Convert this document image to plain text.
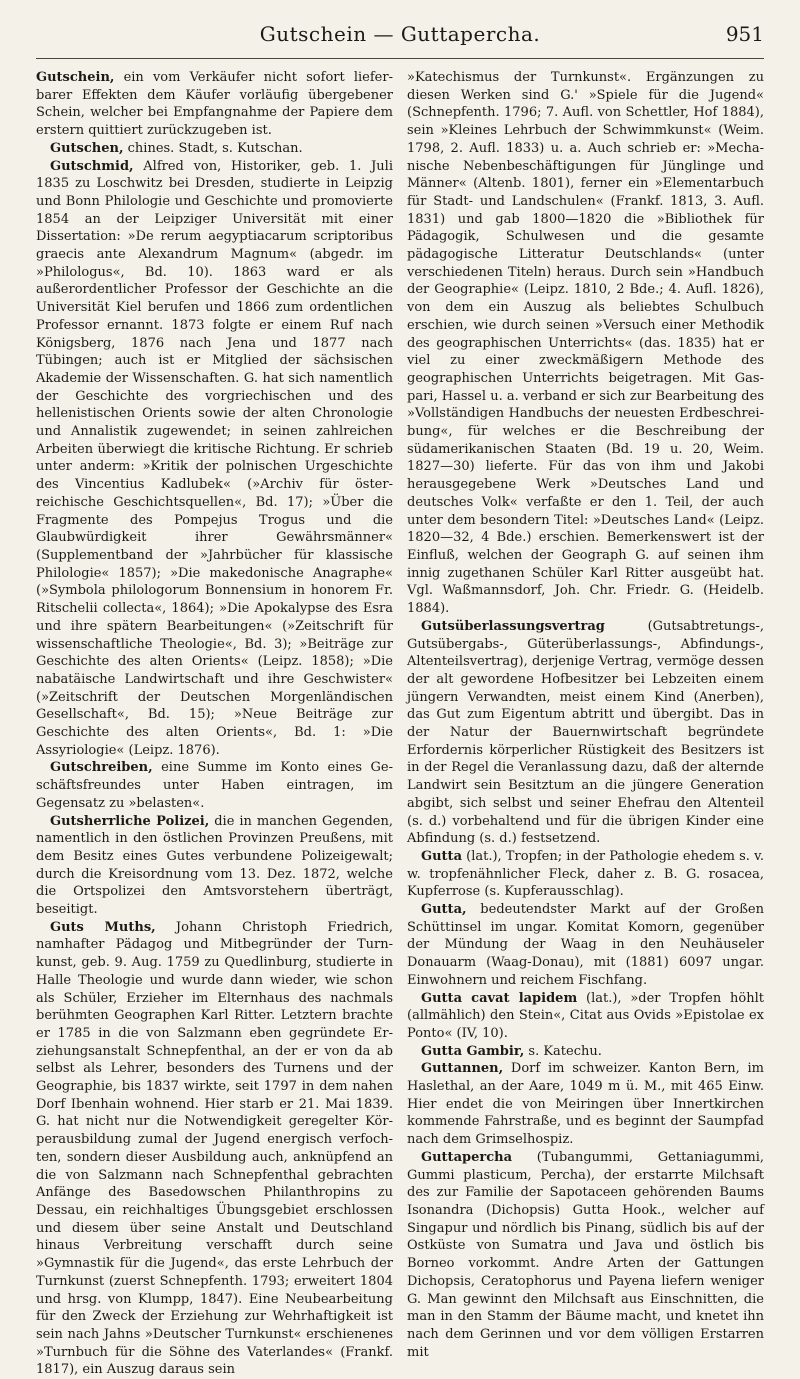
Gutschein — Guttapercha.	951

Gutschein, ein vom Verkäufer nicht sofort lieferbarer Effekten dem Käufer vorläufig übergebener Schein, welcher bei Empfangnahme der Papiere dem erstern quittiert zurückzugeben ist.

Gutschen, chines. Stadt, s. Kutschan.

Gutschmid, Alfred von, Historiker, geb. 1. Juli 1835 zu Loschwitz bei Dresden, studierte in Leipzig und Bonn Philologie und Geschichte und promovierte 1854 an der Leipziger Universität mit einer Dissertation: »De rerum aegyptiacarum scriptoribus graecis ante Alexandrum Magnum« (abgedr. im »Philologus«, Bd. 10). 1863 ward er als außerordentlicher Professor der Geschichte an die Universität Kiel berufen und 1866 zum ordentlichen Professor ernannt. 1873 folgte er einem Ruf nach Königsberg, 1876 nach Jena und 1877 nach Tübingen; auch ist er Mitglied der sächsischen Akademie der Wissenschaften. G. hat sich namentlich der Geschichte des vorgriechischen und des hellenistischen Orients sowie der alten Chronologie und Annalistik zugewendet; in seinen zahlreichen Arbeiten überwiegt die kritische Richtung. Er schrieb unter anderm: »Kritik der polnischen Urgeschichte des Vincentius Kadlubek« (»Archiv für österreichische Geschichtsquellen«, Bd. 17); »Über die Fragmente des Pompejus Trogus und die Glaubwürdigkeit ihrer Gewährsmänner« (Supplementband der »Jahrbücher für klassische Philologie« 1857); »Die makedonische Anagraphe« (»Symbola philologorum Bonnensium in honorem Fr. Ritschelii collecta«, 1864); »Die Apokalypse des Esra und ihre spätern Bearbeitungen« (»Zeitschrift für wissenschaftliche Theologie«, Bd. 3); »Beiträge zur Geschichte des alten Orients« (Leipz. 1858); »Die nabatäische Landwirtschaft und ihre Geschwister« (»Zeitschrift der Deutschen Morgenländischen Gesellschaft«, Bd. 15); »Neue Beiträge zur Geschichte des alten Orients«, Bd. 1: »Die Assyriologie« (Leipz. 1876).

Gutschreiben, eine Summe im Konto eines Geschäftsfreundes unter Haben eintragen, im Gegensatz zu »belasten«.

Gutsherrliche Polizei, die in manchen Gegenden, namentlich in den östlichen Provinzen Preußens, mit dem Besitz eines Gutes verbundene Polizeigewalt; durch die Kreisordnung vom 13. Dez. 1872, welche die Ortspolizei den Amtsvorstehern überträgt, beseitigt.

Guts Muths, Johann Christoph Friedrich, namhafter Pädagog und Mitbegründer der Turnkunst, geb. 9. Aug. 1759 zu Quedlinburg, studierte in Halle Theologie und wurde dann wieder, wie schon als Schüler, Erzieher im Elternhaus des nachmals berühmten Geographen Karl Ritter. Letztern brachte er 1785 in die von Salzmann eben gegründete Erziehungsanstalt Schnepfenthal, an der er von da ab selbst als Lehrer, besonders des Turnens und der Geographie, bis 1837 wirkte, seit 1797 in dem nahen Dorf Ibenhain wohnend. Hier starb er 21. Mai 1839. G. hat nicht nur die Notwendigkeit geregelter Körperausbildung zumal der Jugend energisch verfochten, sondern dieser Ausbildung auch, anknüpfend an die von Salzmann nach Schnepfenthal gebrachten Anfänge des Basedowschen Philanthropins zu Dessau, ein reichhaltiges Übungsgebiet erschlossen und diesem über seine Anstalt und Deutschland hinaus Verbreitung verschafft durch seine »Gymnastik für die Jugend«, das erste Lehrbuch der Turnkunst (zuerst Schnepfenth. 1793; erweitert 1804 und hrsg. von Klumpp, 1847). Eine Neubearbeitung für den Zweck der Erziehung zur Wehrhaftigkeit ist sein nach Jahns »Deutscher Turnkunst« erschienenes »Turnbuch für die Söhne des Vaterlandes« (Frankf. 1817), ein Auszug daraus sein

»Katechismus der Turnkunst«. Ergänzungen zu diesen Werken sind G.' »Spiele für die Jugend« (Schnepfenth. 1796; 7. Aufl. von Schettler, Hof 1884), sein »Kleines Lehrbuch der Schwimmkunst« (Weim. 1798, 2. Aufl. 1833) u. a. Auch schrieb er: »Mechanische Nebenbeschäftigungen für Jünglinge und Männer« (Altenb. 1801), ferner ein »Elementarbuch für Stadt- und Landschulen« (Frankf. 1813, 3. Aufl. 1831) und gab 1800—1820 die »Bibliothek für Pädagogik, Schulwesen und die gesamte pädagogische Litteratur Deutschlands« (unter verschiedenen Titeln) heraus. Durch sein »Handbuch der Geographie« (Leipz. 1810, 2 Bde.; 4. Aufl. 1826), von dem ein Auszug als beliebtes Schulbuch erschien, wie durch seinen »Versuch einer Methodik des geographischen Unterrichts« (das. 1835) hat er viel zu einer zweckmäßigern Methode des geographischen Unterrichts beigetragen. Mit Gaspari, Hassel u. a. verband er sich zur Bearbeitung des »Vollständigen Handbuchs der neuesten Erdbeschreibung«, für welches er die Beschreibung der südamerikanischen Staaten (Bd. 19 u. 20, Weim. 1827—30) lieferte. Für das von ihm und Jakobi herausgegebene Werk »Deutsches Land und deutsches Volk« verfaßte er den 1. Teil, der auch unter dem besondern Titel: »Deutsches Land« (Leipz. 1820—32, 4 Bde.) erschien. Bemerkenswert ist der Einfluß, welchen der Geograph G. auf seinen ihm innig zugethanen Schüler Karl Ritter ausgeübt hat. Vgl. Waßmannsdorf, Joh. Chr. Friedr. G. (Heidelb. 1884).

Gutsüberlassungsvertrag (Gutsabtretungs-, Gutsübergabs-, Güterüberlassungs-, Abfindungs-, Altenteilsvertrag), derjenige Vertrag, vermöge dessen der alt gewordene Hofbesitzer bei Lebzeiten einem jüngern Verwandten, meist einem Kind (Anerben), das Gut zum Eigentum abtritt und übergibt. Das in der Natur der Bauernwirtschaft begründete Erfordernis körperlicher Rüstigkeit des Besitzers ist in der Regel die Veranlassung dazu, daß der alternde Landwirt sein Besitztum an die jüngere Generation abgibt, sich selbst und seiner Ehefrau den Altenteil (s. d.) vorbehaltend und für die übrigen Kinder eine Abfindung (s. d.) festsetzend.

Gutta (lat.), Tropfen; in der Pathologie ehedem s. v. w. tropfenähnlicher Fleck, daher z. B. G. rosacea, Kupferrose (s. Kupferausschlag).

Gutta, bedeutendster Markt auf der Großen Schüttinsel im ungar. Komitat Komorn, gegenüber der Mündung der Waag in den Neuhäuseler Donauarm (Waag-Donau), mit (1881) 6097 ungar. Einwohnern und reichem Fischfang.

Gutta cavat lapidem (lat.), »der Tropfen höhlt (allmählich) den Stein«, Citat aus Ovids »Epistolae ex Ponto« (IV, 10).

Gutta Gambir, s. Katechu.

Guttannen, Dorf im schweizer. Kanton Bern, im Haslethal, an der Aare, 1049 m ü. M., mit 465 Einw. Hier endet die von Meiringen über Innertkirchen kommende Fahrstraße, und es beginnt der Saumpfad nach dem Grimselhospiz.

Guttapercha (Tubangummi, Gettaniagummi, Gummi plasticum, Percha), der erstarrte Milchsaft des zur Familie der Sapotaceen gehörenden Baums Isonandra (Dichopsis) Gutta Hook., welcher auf Singapur und nördlich bis Pinang, südlich bis auf der Ostküste von Sumatra und Java und östlich bis Borneo vorkommt. Andre Arten der Gattungen Dichopsis, Ceratophorus und Payena liefern weniger G. Man gewinnt den Milchsaft aus Einschnitten, die man in den Stamm der Bäume macht, und knetet ihn nach dem Gerinnen und vor dem völligen Erstarren mit
